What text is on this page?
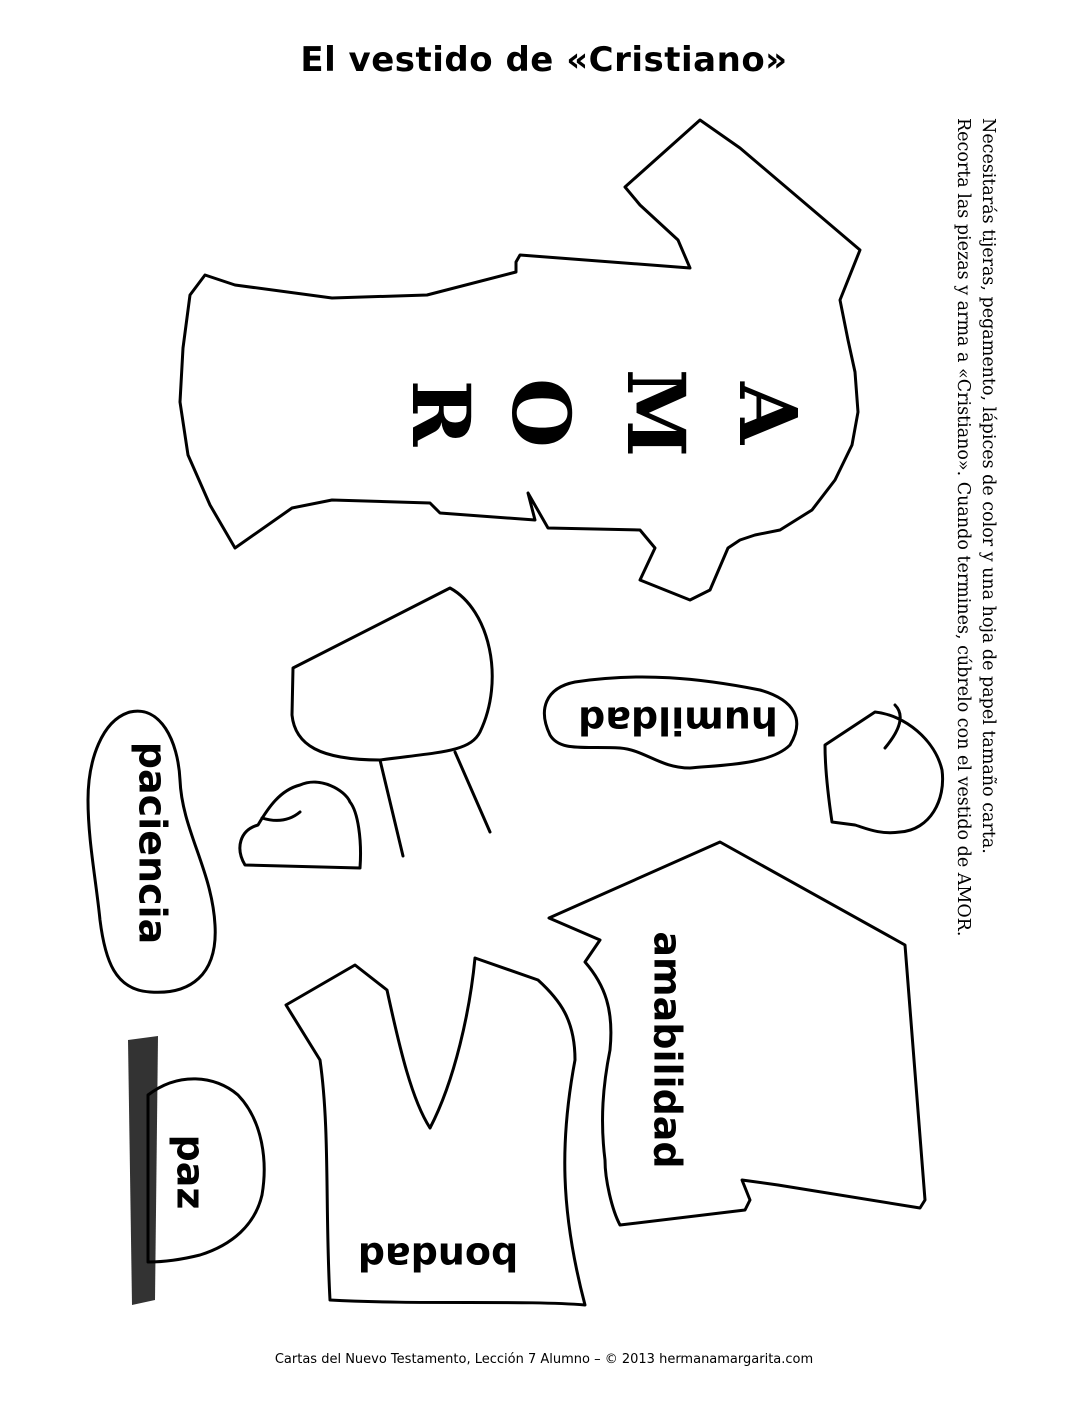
El vestido de «Cristiano»
Necesitarás tijeras, pegamento, lápices de color y una hoja de papel tamaño carta.
Recorta las piezas y arma a «Cristiano». Cuando termines, cúbrelo con el vestido de AMOR.
A
M
O
R
humildad
paciencia
amabilidad
bondad
paz
Cartas del Nuevo Testamento, Lección 7 Alumno – © 2013 hermanamargarita.com
